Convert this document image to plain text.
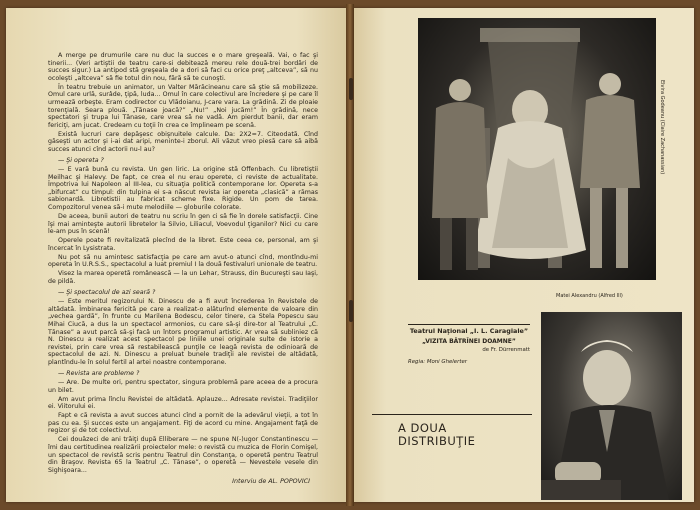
A merge pe drumurile care nu duc la succes e o mare greşeală. Vai, o fac şi tinerii... (Veri artiştii de teatru care-si debitează mereu rele două-trei bordări de succes sigur.) La antipod stă greşeala de a dori să faci cu orice preţ „altceva”, să nu ocoleşti „altceva” să fie totul din nou, fără să te cunoşti.

În teatru trebuie un animator, un Valter Mărăcineanu care să ştie să mobilizeze. Omul care urlă, surâde, ţipă, luda... Omul în care colectivul are încredere şi pe care îl urmează orbeşte. Eram codirector cu Vlădoianu, J-care vara. La grădină. Zi de ploaie torenţială. Seara plouă. „Tănase joacă?” „Nu!” „Noi jucăm!” În grădină, nece spectatori şi trupa lui Tănase, care vrea să ne vadă. Am pierdut banii, dar eram fericiţi, am jucat. Credeam cu toţii în crea ce împlineam pe scenă.

Există lucruri care depăşesc obişnuitele calcule. Da: 2X2=7. Citeodată. Cînd găseşti un actor şi i-ai dat aripi, meninte-i zborul. Ali văzut vreo piesă care să aibă succes atunci cînd actorii nu-l au?

— Şi opereta ?

— E vară bună cu revista. Un gen liric. La origine stă Offenbach. Cu libretiştii Meilhac şi Halevy. De fapt, ce crea el nu erau operete, ci reviste de actualitate. Împotriva lui Napoleon al III-lea, cu situaţia politică contemporane lor. Opereta s-a „bifurcat” cu timpul: din tulpina ei s-a născut revista iar opereta „clasică” a rămas sabionardă. Libretistii au fabricat scheme fixe. Rigide. Un pom de tarea. Compozitorul venea să-i mute melodiile — globurile colorate.

De aceea, bunii autori de teatru nu scriu în gen ci să fie în dorele satisfacţii. Cine îşi mai aminteşte autorii libretelor la Silvio, Liliacul, Voevodul ţiganilor? Nici cu care le-am pus în scenă!

Operele poate fi revitalizată plecînd de la libret. Este ceea ce, personal, am şi încercat în Lysistrata.

Nu pot să nu amintesc satisfacţia pe care am avut-o atunci cînd, montîndu-mi opereta în U.R.S.S., spectacolul a luat premiul I la două festivaluri unionale de teatru.

Visez la marea operetă românească — la un Lehar, Strauss, din Bucureşti sau Iaşi, de pildă.

— Şi spectacolul de azi seară ?

— Este meritul regizorului N. Dinescu de a fi avut încrederea în Revistele de altădată. Îmbinarea fericită pe care a realizat-o alăturînd elemente de valoare din „vechea gardă”, în frunte cu Marilena Bodescu, celor tinere, ca Stela Popescu sau Mihai Ciucă, a dus la un spectacol armonios, cu care să-şi dire-tor al Teatrului „C. Tănase” a avut parcă să-şi facă un întors programul artistic. Ar vrea să subliniez că N. Dinescu a realizat acest spectacol pe liniile unei originale sulte de istorie a revistei, prin care vrea să restabilească punţile ce leagă revista de odinioară de spectacolul de azi. N. Dinescu a preluat bunele tradiţii ale revistei de altădată, plantîndu-le în solul fertil al artei noastre contemporane.

— Revista are probleme ?

— Are. De multe ori, pentru spectator, singura problemă pare aceea de a procura un bilet.

Am avut prima lînclu Revistei de altădată. Aplauze... Adresate revistei. Tradiţiilor ei. Viitorului ei.

Fapt e că revista a avut succes atunci cînd a pornit de la adevărul vieţii, a tot în pas cu ea. Şi succes este un angajament. Fiţi de acord cu mine. Angajament faţă de regizor şi de tot colectivul.

Cei douăzeci de ani trăiţi după Elliberare — ne spune N(-)ugor Constantinescu — îmi dau certitudinea realizării proiectelor mele: o revistă cu muzica de Florin Comişel, un spectacol de revistă scris pentru Teatrul din Constanţa, o operetă pentru Teatrul din Braşov. Revista 65 la Teatrul „C. Tănase”, o operetă — Nevestele vesele din Sighişoara...

Interviu de AL. POPOVICI

Elvira Godeanu (Claire Zachanassian)
Matei Alexandru (Alfred Ill)
Teatrul Naţional „I. L. Caragiale”
„VIZITA BĂTRÎNEI DOAMNE”
de Fr. Dürrenmatt
Regia: Moni Ghelerter
A DOUA
DISTRIBUŢIE
